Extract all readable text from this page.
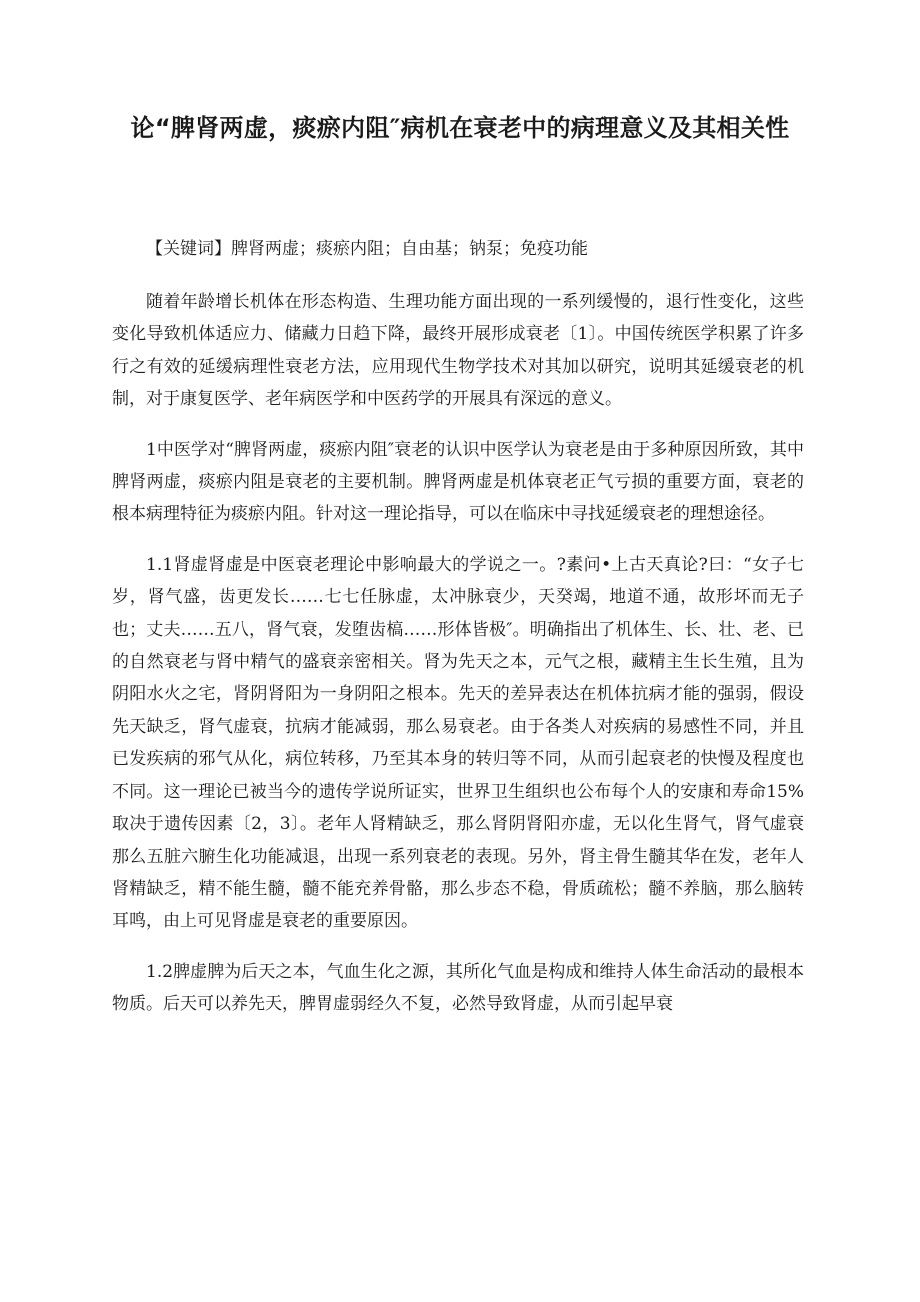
论“脾肾两虚，痰瘀内阻″病机在衰老中的病理意义及其相关性

【关键词】脾肾两虚；痰瘀内阻；自由基；钠泵；免疫功能

随着年龄增长机体在形态构造、生理功能方面出现的一系列缓慢的，退行性变化，这些变化导致机体适应力、储藏力日趋下降，最终开展形成衰老〔1〕。中国传统医学积累了许多行之有效的延缓病理性衰老方法，应用现代生物学技术对其加以研究，说明其延缓衰老的机制，对于康复医学、老年病医学和中医药学的开展具有深远的意义。

1中医学对“脾肾两虚，痰瘀内阻″衰老的认识中医学认为衰老是由于多种原因所致，其中脾肾两虚，痰瘀内阻是衰老的主要机制。脾肾两虚是机体衰老正气亏损的重要方面，衰老的根本病理特征为痰瘀内阻。针对这一理论指导，可以在临床中寻找延缓衰老的理想途径。

1.1肾虚肾虚是中医衰老理论中影响最大的学说之一。?素问•上古天真论?曰：“女子七岁，肾气盛，齿更发长……七七任脉虚，太冲脉衰少，天癸竭，地道不通，故形坏而无子也；丈夫……五八，肾气衰，发堕齿槁……形体皆极″。明确指出了机体生、长、壮、老、已的自然衰老与肾中精气的盛衰亲密相关。肾为先天之本，元气之根，藏精主生长生殖，且为阴阳水火之宅，肾阴肾阳为一身阴阳之根本。先天的差异表达在机体抗病才能的强弱，假设先天缺乏，肾气虚衰，抗病才能减弱，那么易衰老。由于各类人对疾病的易感性不同，并且已发疾病的邪气从化，病位转移，乃至其本身的转归等不同，从而引起衰老的快慢及程度也不同。这一理论已被当今的遗传学说所证实，世界卫生组织也公布每个人的安康和寿命15%取决于遗传因素〔2，3〕。老年人肾精缺乏，那么肾阴肾阳亦虚，无以化生肾气，肾气虚衰那么五脏六腑生化功能减退，出现一系列衰老的表现。另外，肾主骨生髓其华在发，老年人肾精缺乏，精不能生髓，髓不能充养骨骼，那么步态不稳，骨质疏松；髓不养脑，那么脑转耳鸣，由上可见肾虚是衰老的重要原因。

1.2脾虚脾为后天之本，气血生化之源，其所化气血是构成和维持人体生命活动的最根本物质。后天可以养先天，脾胃虚弱经久不复，必然导致肾虚，从而引起早衰
